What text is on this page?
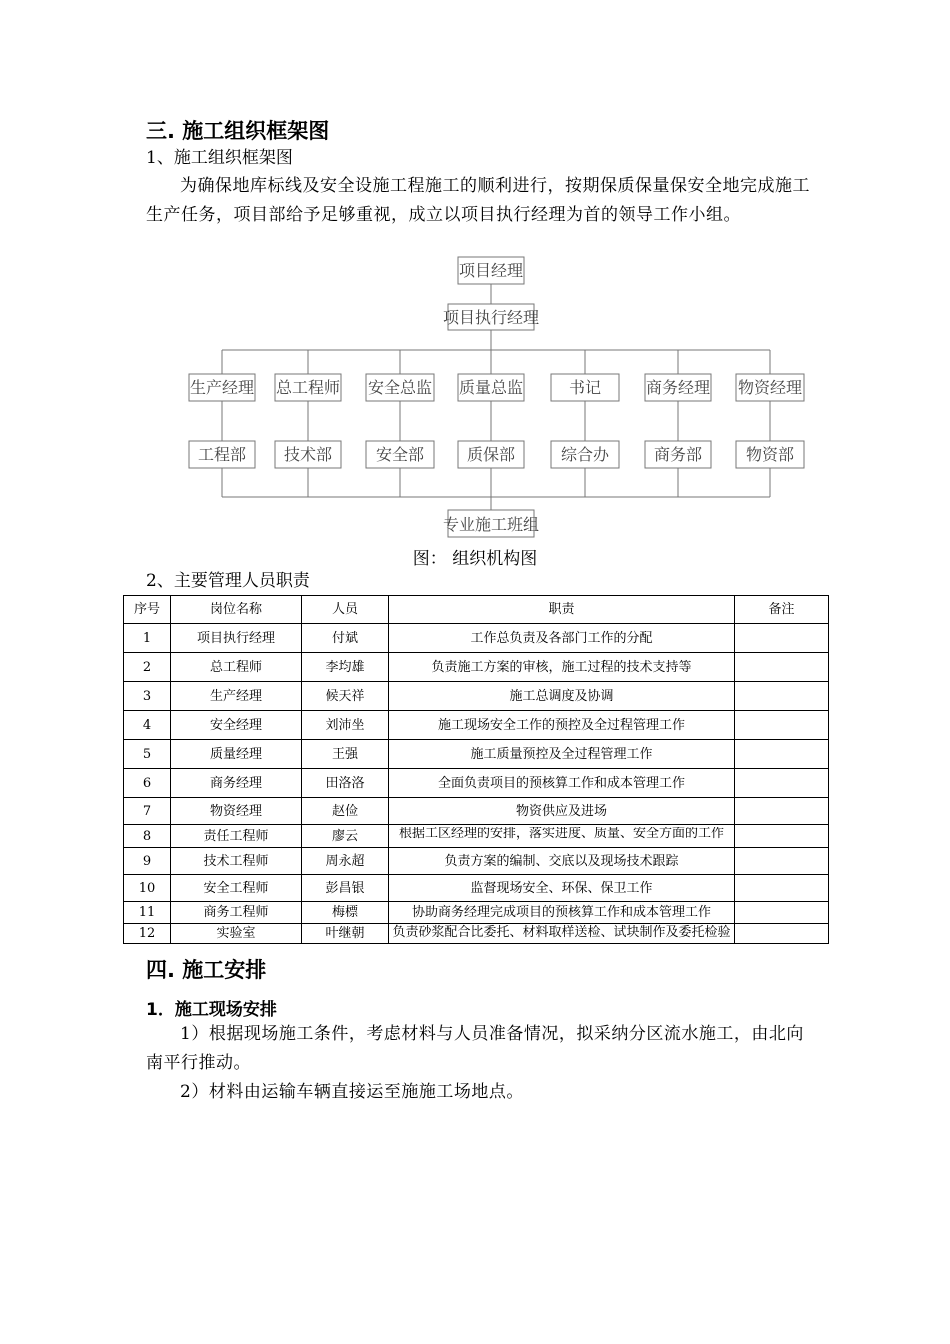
三. 施工组织框架图
1、施工组织框架图

为确保地库标线及安全设施工程施工的顺利进行，按期保质保量保安全地完成施工生产任务，项目部给予足够重视，成立以项目执行经理为首的领导工作小组。

项目经理
项目执行经理
生产经理 总工程师 安全总监 质量总监	书记	商务经理 物资经理
工程部 技术部	安全部	质保部	综合办	商务部	物资部
专业施工班组
图： 组织机构图
2、主要管理人员职责
序号	岗位名称	人员	职责	备注
1	项目执行经理	付斌	工作总负责及各部门工作的分配	
2	总工程师	李均雄	负责施工方案的审核，施工过程的技术支持等	
3	生产经理	候天祥	施工总调度及协调	
4	安全经理	刘沛坐	施工现场安全工作的预控及全过程管理工作	
5	质量经理	王强	施工质量预控及全过程管理工作	
6	商务经理	田洛洛	全面负责项目的预核算工作和成本管理工作	
7	物资经理	赵俭	物资供应及进场	
8	责任工程师	廖云	根据工区经理的安排，落实进度、质量、安全方面的工作	

9	技术工程师	周永超	负责方案的编制、交底以及现场技术跟踪	
10	安全工程师	彭昌银	监督现场安全、环保、保卫工作	
11	商务工程师	梅標	协助商务经理完成项目的预核算工作和成本管理工作	
12	实验室	叶继朝	负责砂浆配合比委托、材料取样送检、试块制作及委托检验	
四. 施工安排
1．施工现场安排

1）根据现场施工条件，考虑材料与人员准备情况，拟采纳分区流水施工，由北向南平行推动。

2）材料由运输车辆直接运至施施工场地点。
